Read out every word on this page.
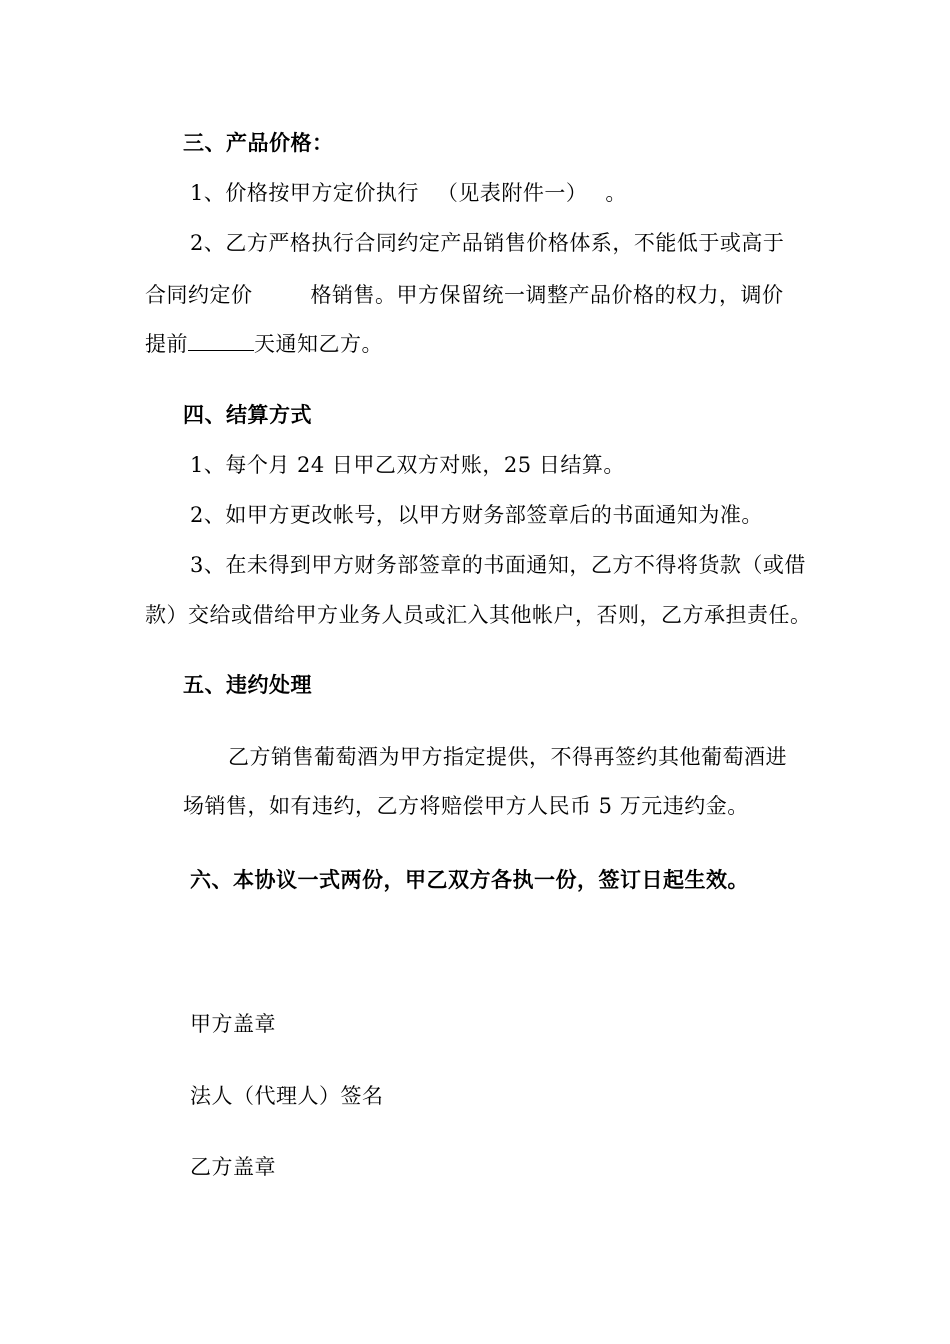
三、产品价格：
1、价格按甲方定价执行 （见表附件一） 。
2、乙方严格执行合同约定产品销售价格体系，不能低于或高于
合同约定价	格销售。甲方保留统一调整产品价格的权力，调价
提前	天通知乙方。
四、结算方式
1、每个月 24 日甲乙双方对账，25 日结算。
2、如甲方更改帐号，以甲方财务部签章后的书面通知为准。
3、在未得到甲方财务部签章的书面通知，乙方不得将货款（或借
款）交给或借给甲方业务人员或汇入其他帐户，否则，乙方承担责任。
五、违约处理
乙方销售葡萄酒为甲方指定提供，不得再签约其他葡萄酒进
场销售，如有违约，乙方将赔偿甲方人民币 5 万元违约金。
六、本协议一式两份，甲乙双方各执一份，签订日起生效。
甲方盖章
法人（代理人）签名
乙方盖章
